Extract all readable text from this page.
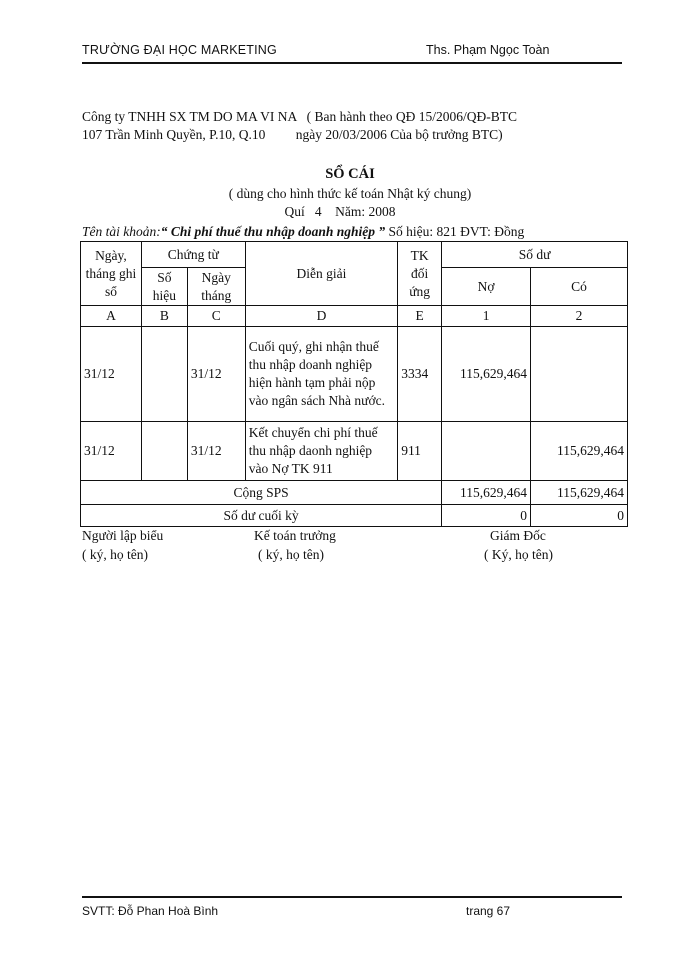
TRƯỜNG ĐẠI HỌC MARKETING	Ths. Phạm Ngọc Toàn
Công ty TNHH SX TM DO MA VI NA   ( Ban hành theo QĐ 15/2006/QĐ-BTC
107 Trần Minh Quyền, P.10, Q.10         ngày 20/03/2006 Của bộ trưởng BTC)
SỔ CÁI
( dùng cho hình thức kế toán Nhật ký chung)
Quí   4    Năm: 2008
Tên tài khoản:“ Chi phí thuế thu nhập doanh nghiệp ” Số hiệu: 821 ĐVT: Đồng
Ngày, tháng ghi sổ	Chứng từ		Diễn giải	TK đối ứng	Số dư	
	Số hiệu	Ngày tháng			Nợ	Có
A	B	C	D	E	1	2
31/12		31/12	Cuối quý, ghi nhận thuế thu nhập doanh nghiệp hiện hành tạm phải nộp vào ngân sách Nhà nước.	3334	115,629,464	
31/12		31/12	Kết chuyển chi phí thuế thu nhập daonh nghiệp vào Nợ TK 911	911		115,629,464
Cộng SPS					115,629,464	115,629,464
Số dư cuối kỳ					0	0
Người lập biểu
( ký, họ tên)
Kế toán trưởng
( ký, họ tên)
Giám Đốc
( Ký, họ tên)
SVTT: Đỗ Phan Hoà Bình	trang 67
